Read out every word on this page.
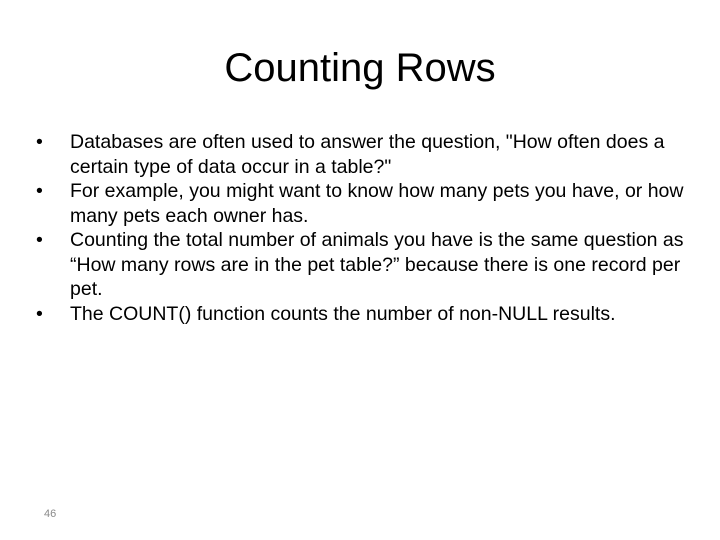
Counting Rows
•	Databases are often used to answer the question, "How often does a certain type of data occur in a table?"
•	For example, you might want to know how many pets you have, or how many pets each owner has.
•	Counting the total number of animals you have is the same question as “How many rows are in the pet table?” because there is one record per pet.
•	The COUNT() function counts the number of non-NULL results.
46
